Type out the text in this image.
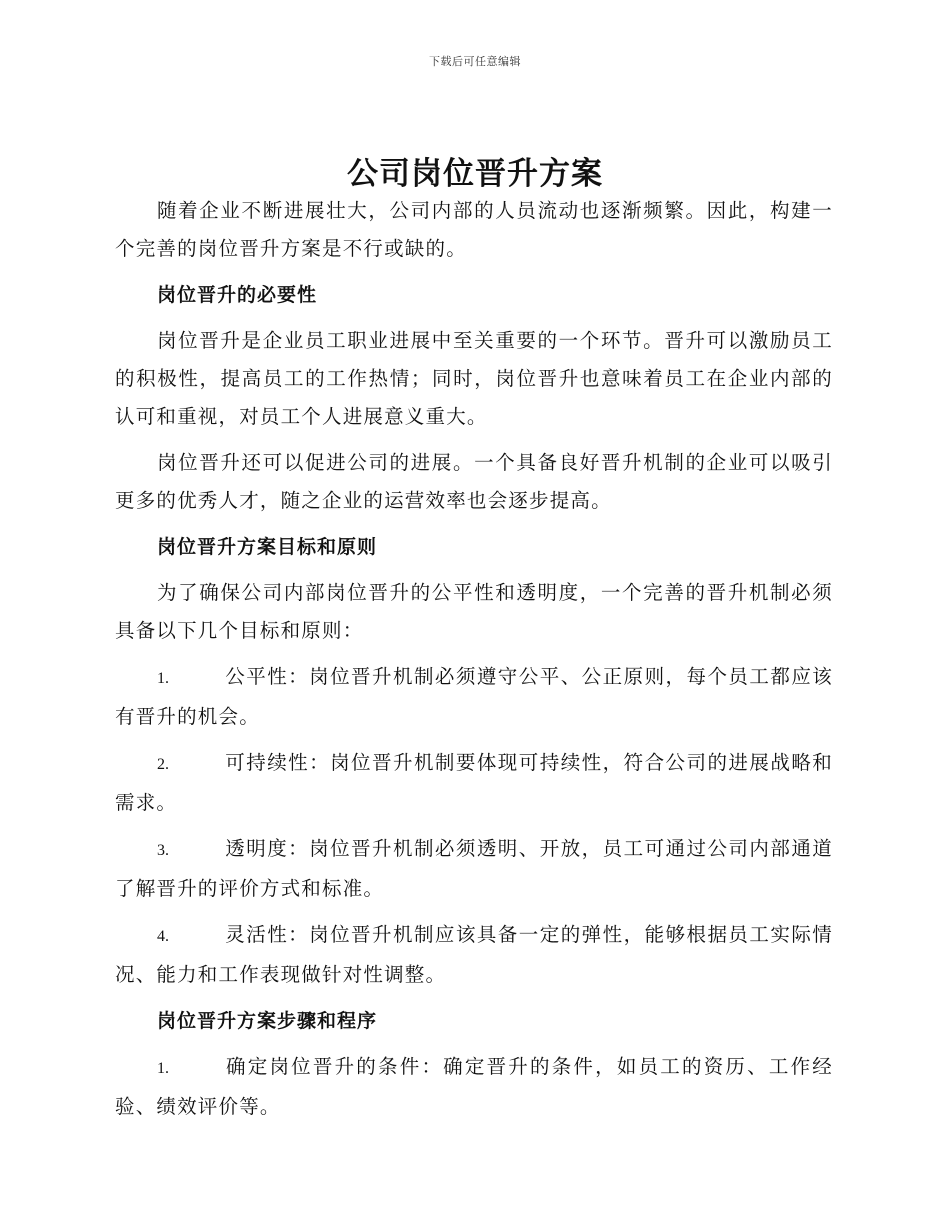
下载后可任意编辑
公司岗位晋升方案

随着企业不断进展壮大，公司内部的人员流动也逐渐频繁。因此，构建一个完善的岗位晋升方案是不行或缺的。

岗位晋升的必要性

岗位晋升是企业员工职业进展中至关重要的一个环节。晋升可以激励员工的积极性，提高员工的工作热情；同时，岗位晋升也意味着员工在企业内部的认可和重视，对员工个人进展意义重大。

岗位晋升还可以促进公司的进展。一个具备良好晋升机制的企业可以吸引更多的优秀人才，随之企业的运营效率也会逐步提高。

岗位晋升方案目标和原则

为了确保公司内部岗位晋升的公平性和透明度，一个完善的晋升机制必须具备以下几个目标和原则：

1.	公平性：岗位晋升机制必须遵守公平、公正原则，每个员工都应该有晋升的机会。
2.	可持续性：岗位晋升机制要体现可持续性，符合公司的进展战略和需求。
3.	透明度：岗位晋升机制必须透明、开放，员工可通过公司内部通道了解晋升的评价方式和标准。
4.	灵活性：岗位晋升机制应该具备一定的弹性，能够根据员工实际情况、能力和工作表现做针对性调整。
岗位晋升方案步骤和程序
1.	确定岗位晋升的条件：确定晋升的条件，如员工的资历、工作经验、绩效评价等。
